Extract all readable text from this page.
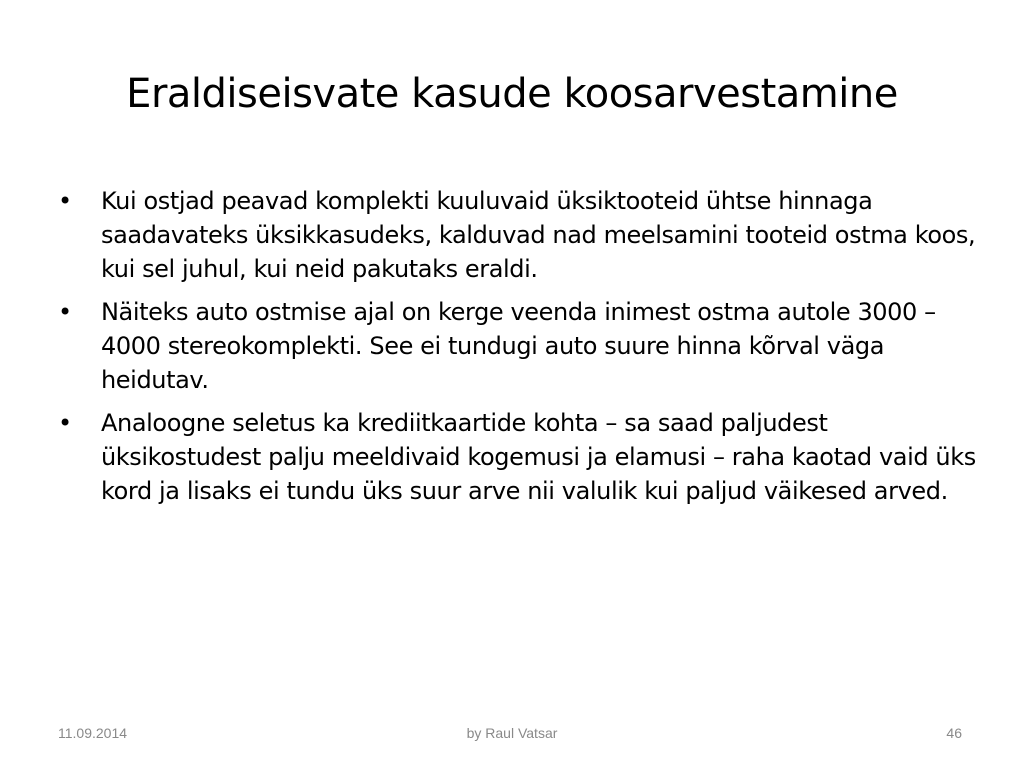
Eraldiseisvate kasude koosarvestamine
• Kui ostjad peavad komplekti kuuluvaid üksiktooteid ühtse hinnaga saadavateks üksikkasudeks, kalduvad nad meelsamini tooteid ostma koos, kui sel juhul, kui neid pakutaks eraldi.
• Näiteks auto ostmise ajal on kerge veenda inimest ostma autole 3000 – 4000 stereokomplekti. See ei tundugi auto suure hinna kõrval väga heidutav.
• Analoogne seletus ka krediitkaartide kohta – sa saad paljudest üksikostudest palju meeldivaid kogemusi ja elamusi – raha kaotad vaid üks kord ja lisaks ei tundu üks suur arve nii valulik kui paljud väikesed arved.
by Raul Vatsar
11.09.2014	46
